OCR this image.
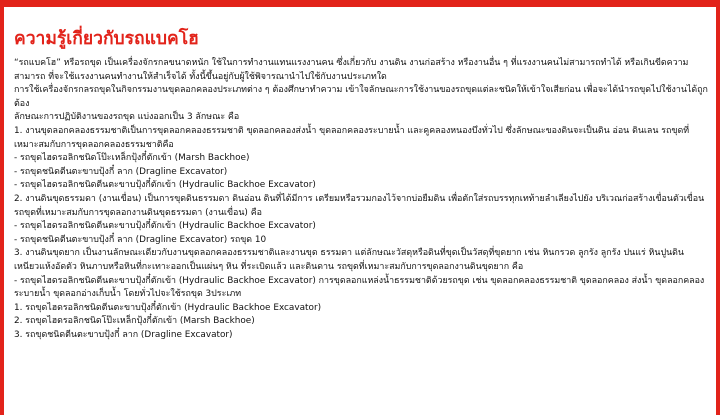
ความรู้เกี่ยวกับรถแบคโฮ

“รถแบคโฮ” หรือรถขุด เป็นเครื่องจักรกลขนาดหนัก ใช้ในการทำงานแทนแรงงานคน ซึ่งเกี่ยวกับ งานดิน งานก่อสร้าง หรืองานอื่น ๆ ที่แรงงานคนไม่สามารถทำได้ หรือเกินขีดความสามารถ ที่จะใช้แรงงานคนทำงานให้สำเร็จได้ ทั้งนี้ขึ้นอยู่กับผู้ใช้พิจารณานำไปใช้กับงานประเภทใด

การใช้เครื่องจักรกลรถขุดในกิจกรรมงานขุดลอกคลองประเภทต่าง ๆ ต้องศึกษาทำความ เข้าใจลักษณะการใช้งานของรถขุดแต่ละชนิดให้เข้าใจเสียก่อน เพื่อจะได้นำรถขุดไปใช้งานได้ถูกต้อง

ลักษณะการปฏิบัติงานของรถขุด แบ่งออกเป็น 3 ลักษณะ คือ

1. งานขุดลอกคลองธรรมชาติเป็นการขุดลอกคลองธรรมชาติ ขุดลอกคลองส่งน้ำ ขุดลอกคลองระบายน้ำ และคูคลองหนองบึงทั่วไป ซึ่งลักษณะของดินจะเป็นดิน อ่อน ดินเลน รถขุดที่เหมาะสมกับการขุดลอกคลองธรรมชาติคือ

- รถขุดไฮดรอลิกชนิดโป๊ะเหล็กปุ้งกี๋ตักเข้า (Marsh Backhoe)

- รถขุดชนิดตีนตะขาบปุ้งกี๋ ลาก (Dragline Excavator)

- รถขุดไฮดรอลิกชนิดตีนตะขาบปุ้งกี๋ตักเข้า (Hydraulic Backhoe Excavator)

2. งานดินขุดธรรมดา (งานเขื่อน) เป็นการขุดดินธรรมดา ดินอ่อน ดินที่ได้มีการ เตรียมหรือรวมกองไว้จากบ่อยืมดิน เพื่อตักใส่รถบรรทุกเทท้ายลำเลียงไปยัง บริเวณก่อสร้างเขื่อนตัวเขื่อน รถขุดที่เหมาะสมกับการขุดลอกงานดินขุดธรรมดา (งานเขื่อน) คือ

- รถขุดไฮดรอลิกชนิดตีนตะขาบปุ้งกี๋ตักเข้า (Hydraulic Backhoe Excavator)

- รถขุดชนิดตีนตะขาบปุ้งกี๋ ลาก (Dragline Excavator) รถขุด 10

3. งานดินขุดยาก เป็นงานลักษณะเดียวกับงานขุดลอกคลองธรรมชาติและงานขุด ธรรมดา แต่ลักษณะวัสดุหรือดินที่ขุดเป็นวัสดุที่ขุดยาก เช่น หินกรวด ลูกรัง ลูกรัง ปนแร่ หินปูนดินเหนียวแห้งอัดตัว หินภาบหรือหินที่กะเทาะออกเป็นแผ่นๆ หิน ที่ระเบิดแล้ว และดินดาน รถขุดที่เหมาะสมกับการขุดลอกงานดินขุดยาก คือ

- รถขุดไฮดรอลิกชนิดตีนตะขาบปุ้งกี๋ตักเข้า (Hydraulic Backhoe Excavator) การขุดลอกแหล่งน้ำธรรมชาติด้วยรถขุด เช่น ขุดลอกคลองธรรมชาติ ขุดลอกคลอง ส่งน้ำ ขุดลอกคลองระบายน้ำ ขุดลอกอ่างเก็บน้ำ โดยทั่วไปจะใช้รถขุด 3ประเภท

1. รถขุดไฮดรอลิกชนิดตีนตะขาบปุ้งกี๋ตักเข้า (Hydraulic Backhoe Excavator)

2. รถขุดไฮดรอลิกชนิดโป๊ะเหล็กปุ้งกี๋ตักเข้า (Marsh Backhoe)

3. รถขุดชนิดตีนตะขาบปุ้งกี๋ ลาก (Dragline Excavator)
